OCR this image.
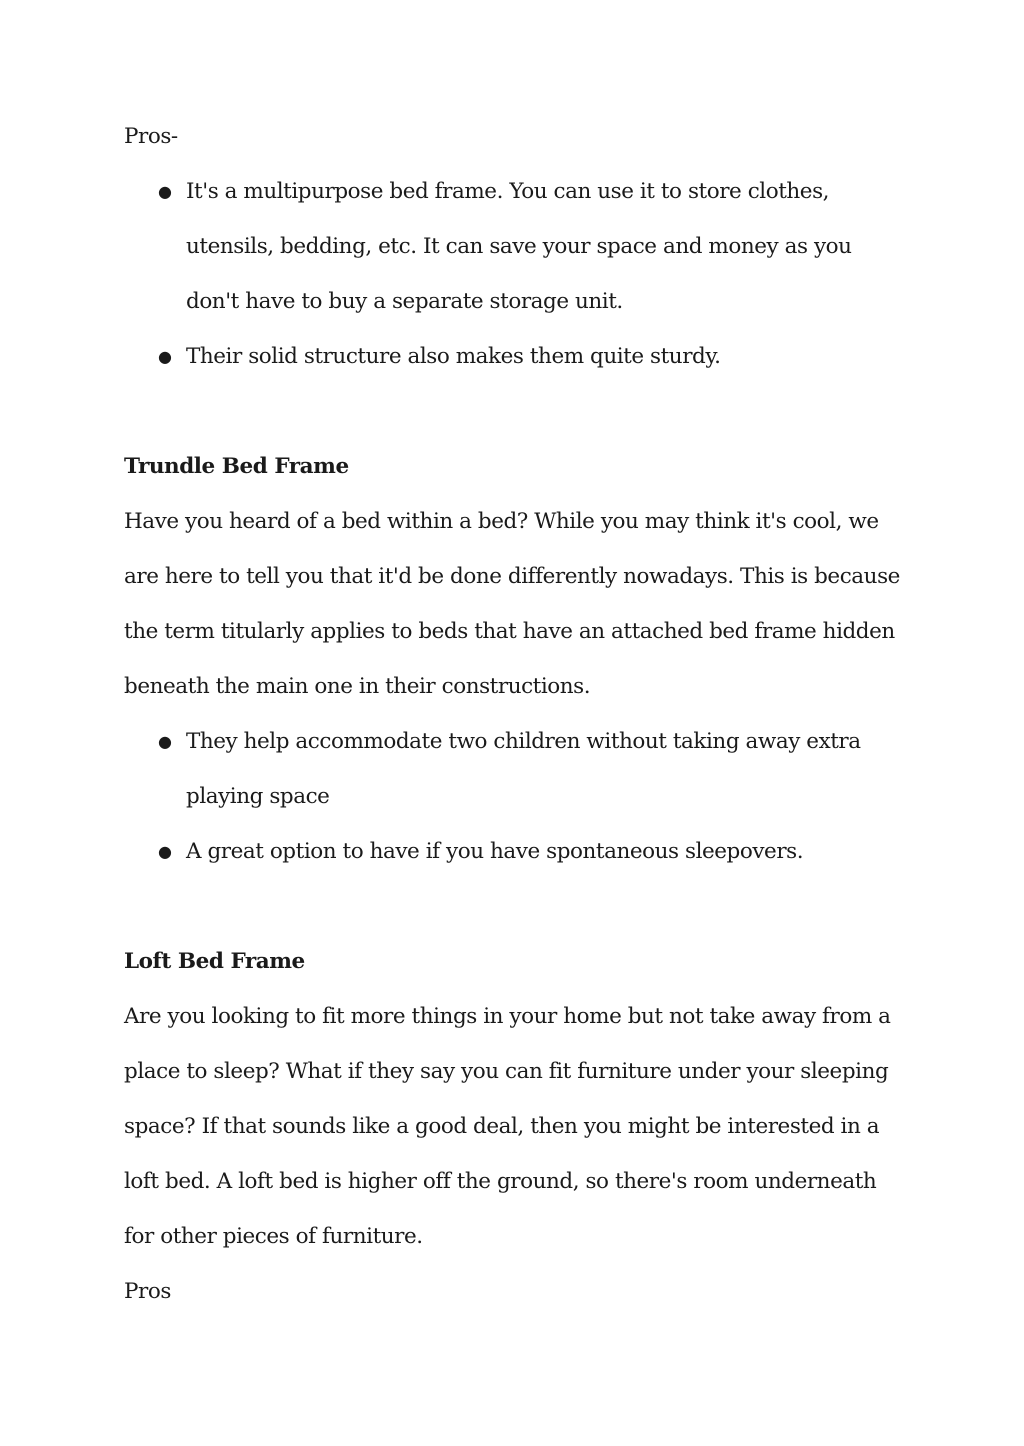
Pros-

● It's a multipurpose bed frame. You can use it to store clothes,
utensils, bedding, etc. It can save your space and money as you
don't have to buy a separate storage unit.
● Their solid structure also makes them quite sturdy.

Trundle Bed Frame

Have you heard of a bed within a bed? While you may think it's cool, we

are here to tell you that it'd be done differently nowadays. This is because

the term titularly applies to beds that have an attached bed frame hidden

beneath the main one in their constructions.

● They help accommodate two children without taking away extra
playing space
● A great option to have if you have spontaneous sleepovers.

Loft Bed Frame

Are you looking to fit more things in your home but not take away from a

place to sleep? What if they say you can fit furniture under your sleeping

space? If that sounds like a good deal, then you might be interested in a

loft bed. A loft bed is higher off the ground, so there's room underneath

for other pieces of furniture.

Pros
